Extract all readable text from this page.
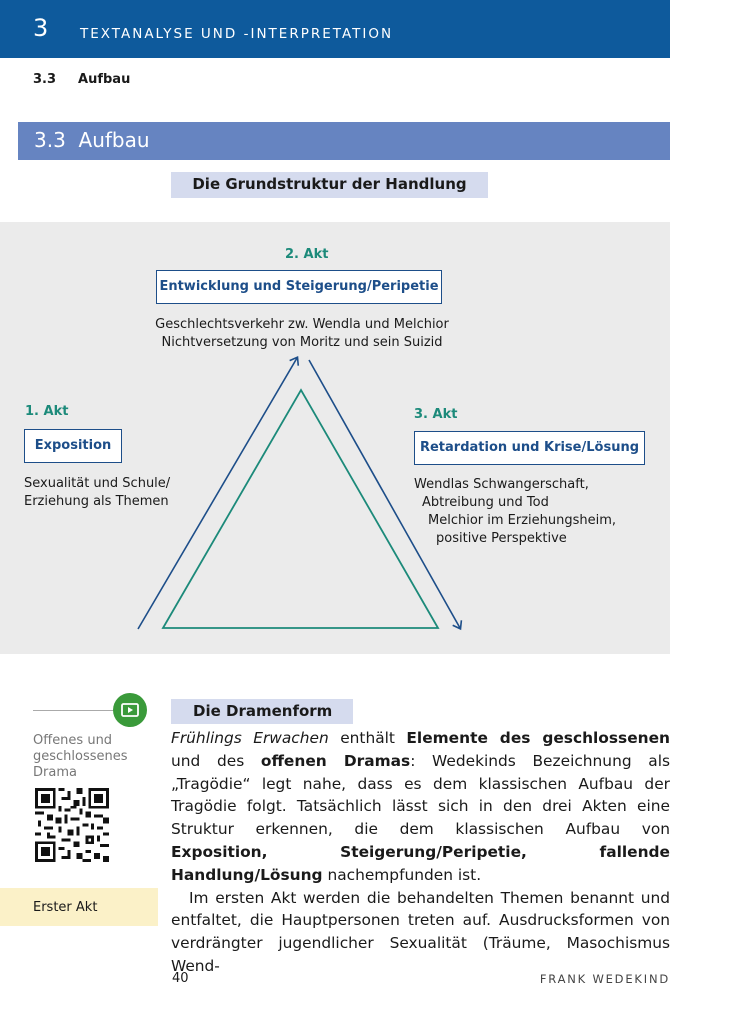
3 TEXTANALYSE UND -INTERPRETATION
3.3 Aufbau
3.3  Aufbau
Die Grundstruktur der Handlung
2. Akt
Entwicklung und Steigerung/Peripetie
Geschlechtsverkehr zw. Wendla und Melchior
Nichtversetzung von Moritz und sein Suizid
1. Akt
Exposition
Sexualität und Schule/
Erziehung als Themen
3. Akt
Retardation und Krise/Lösung
Wendlas Schwangerschaft,
Abtreibung und Tod
Melchior im Erziehungsheim,
positive Perspektive
Offenes und
geschlossenes
Drama
Erster Akt
Die Dramenform

Frühlings Erwachen enthält Elemente des geschlossenen und des offenen Dramas: Wedekinds Bezeichnung als „Tragödie“ legt nahe, dass es dem klassischen Aufbau der Tragödie folgt. Tatsächlich lässt sich in den drei Akten eine Struktur erkennen, die dem klassischen Aufbau von Exposition, Steigerung/Peripetie, fallende Handlung/Lösung nachempfunden ist.

Im ersten Akt werden die behandelten Themen benannt und entfaltet, die Hauptpersonen treten auf. Ausdrucksformen von verdrängter jugendlicher Sexualität (Träume, Masochismus Wend-

40	FRANK WEDEKIND
